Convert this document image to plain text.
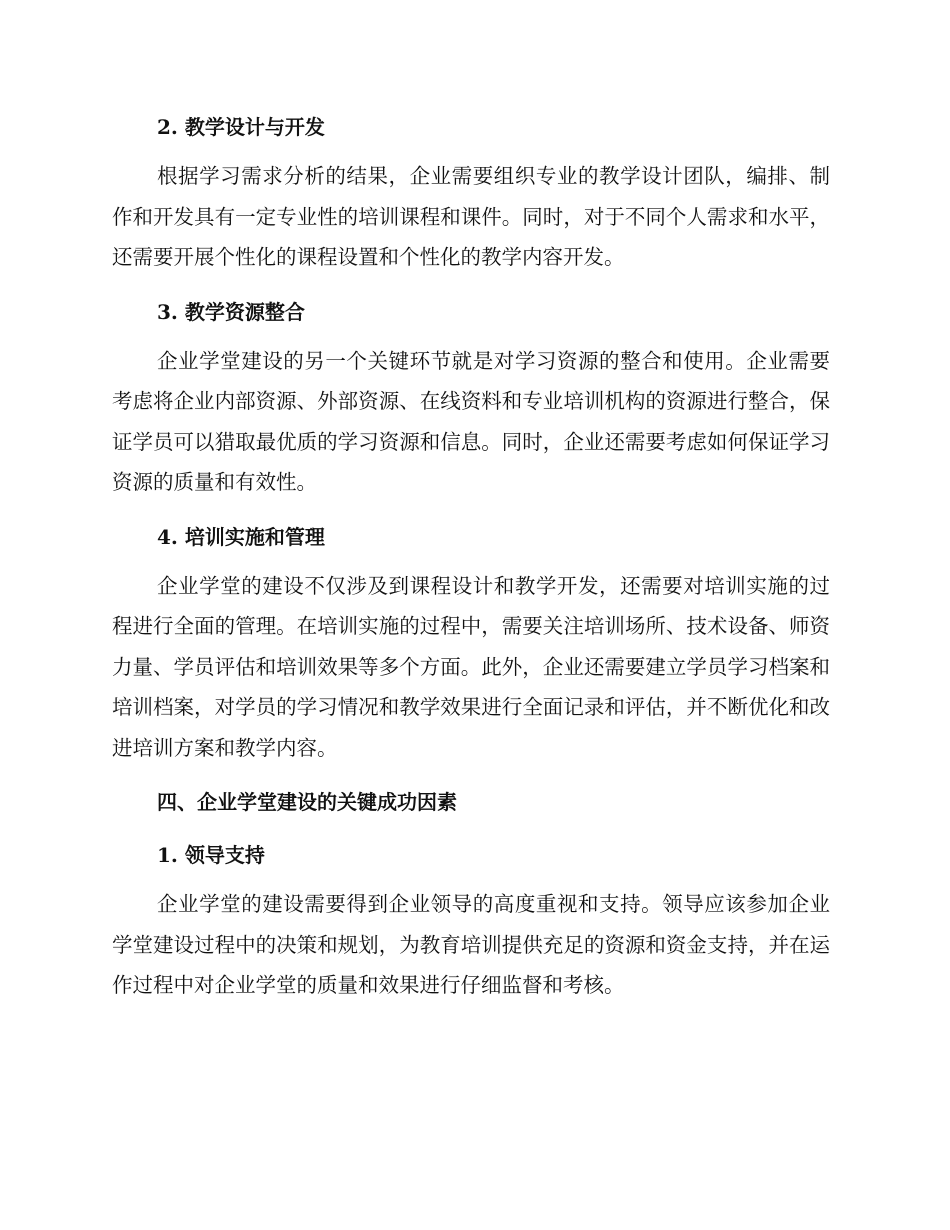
2. 教学设计与开发

根据学习需求分析的结果，企业需要组织专业的教学设计团队，编排、制作和开发具有一定专业性的培训课程和课件。同时，对于不同个人需求和水平，还需要开展个性化的课程设置和个性化的教学内容开发。

3. 教学资源整合

企业学堂建设的另一个关键环节就是对学习资源的整合和使用。企业需要考虑将企业内部资源、外部资源、在线资料和专业培训机构的资源进行整合，保证学员可以猎取最优质的学习资源和信息。同时，企业还需要考虑如何保证学习资源的质量和有效性。

4. 培训实施和管理

企业学堂的建设不仅涉及到课程设计和教学开发，还需要对培训实施的过程进行全面的管理。在培训实施的过程中，需要关注培训场所、技术设备、师资力量、学员评估和培训效果等多个方面。此外，企业还需要建立学员学习档案和培训档案，对学员的学习情况和教学效果进行全面记录和评估，并不断优化和改进培训方案和教学内容。

四、企业学堂建设的关键成功因素
1. 领导支持

企业学堂的建设需要得到企业领导的高度重视和支持。领导应该参加企业学堂建设过程中的决策和规划，为教育培训提供充足的资源和资金支持，并在运作过程中对企业学堂的质量和效果进行仔细监督和考核。
